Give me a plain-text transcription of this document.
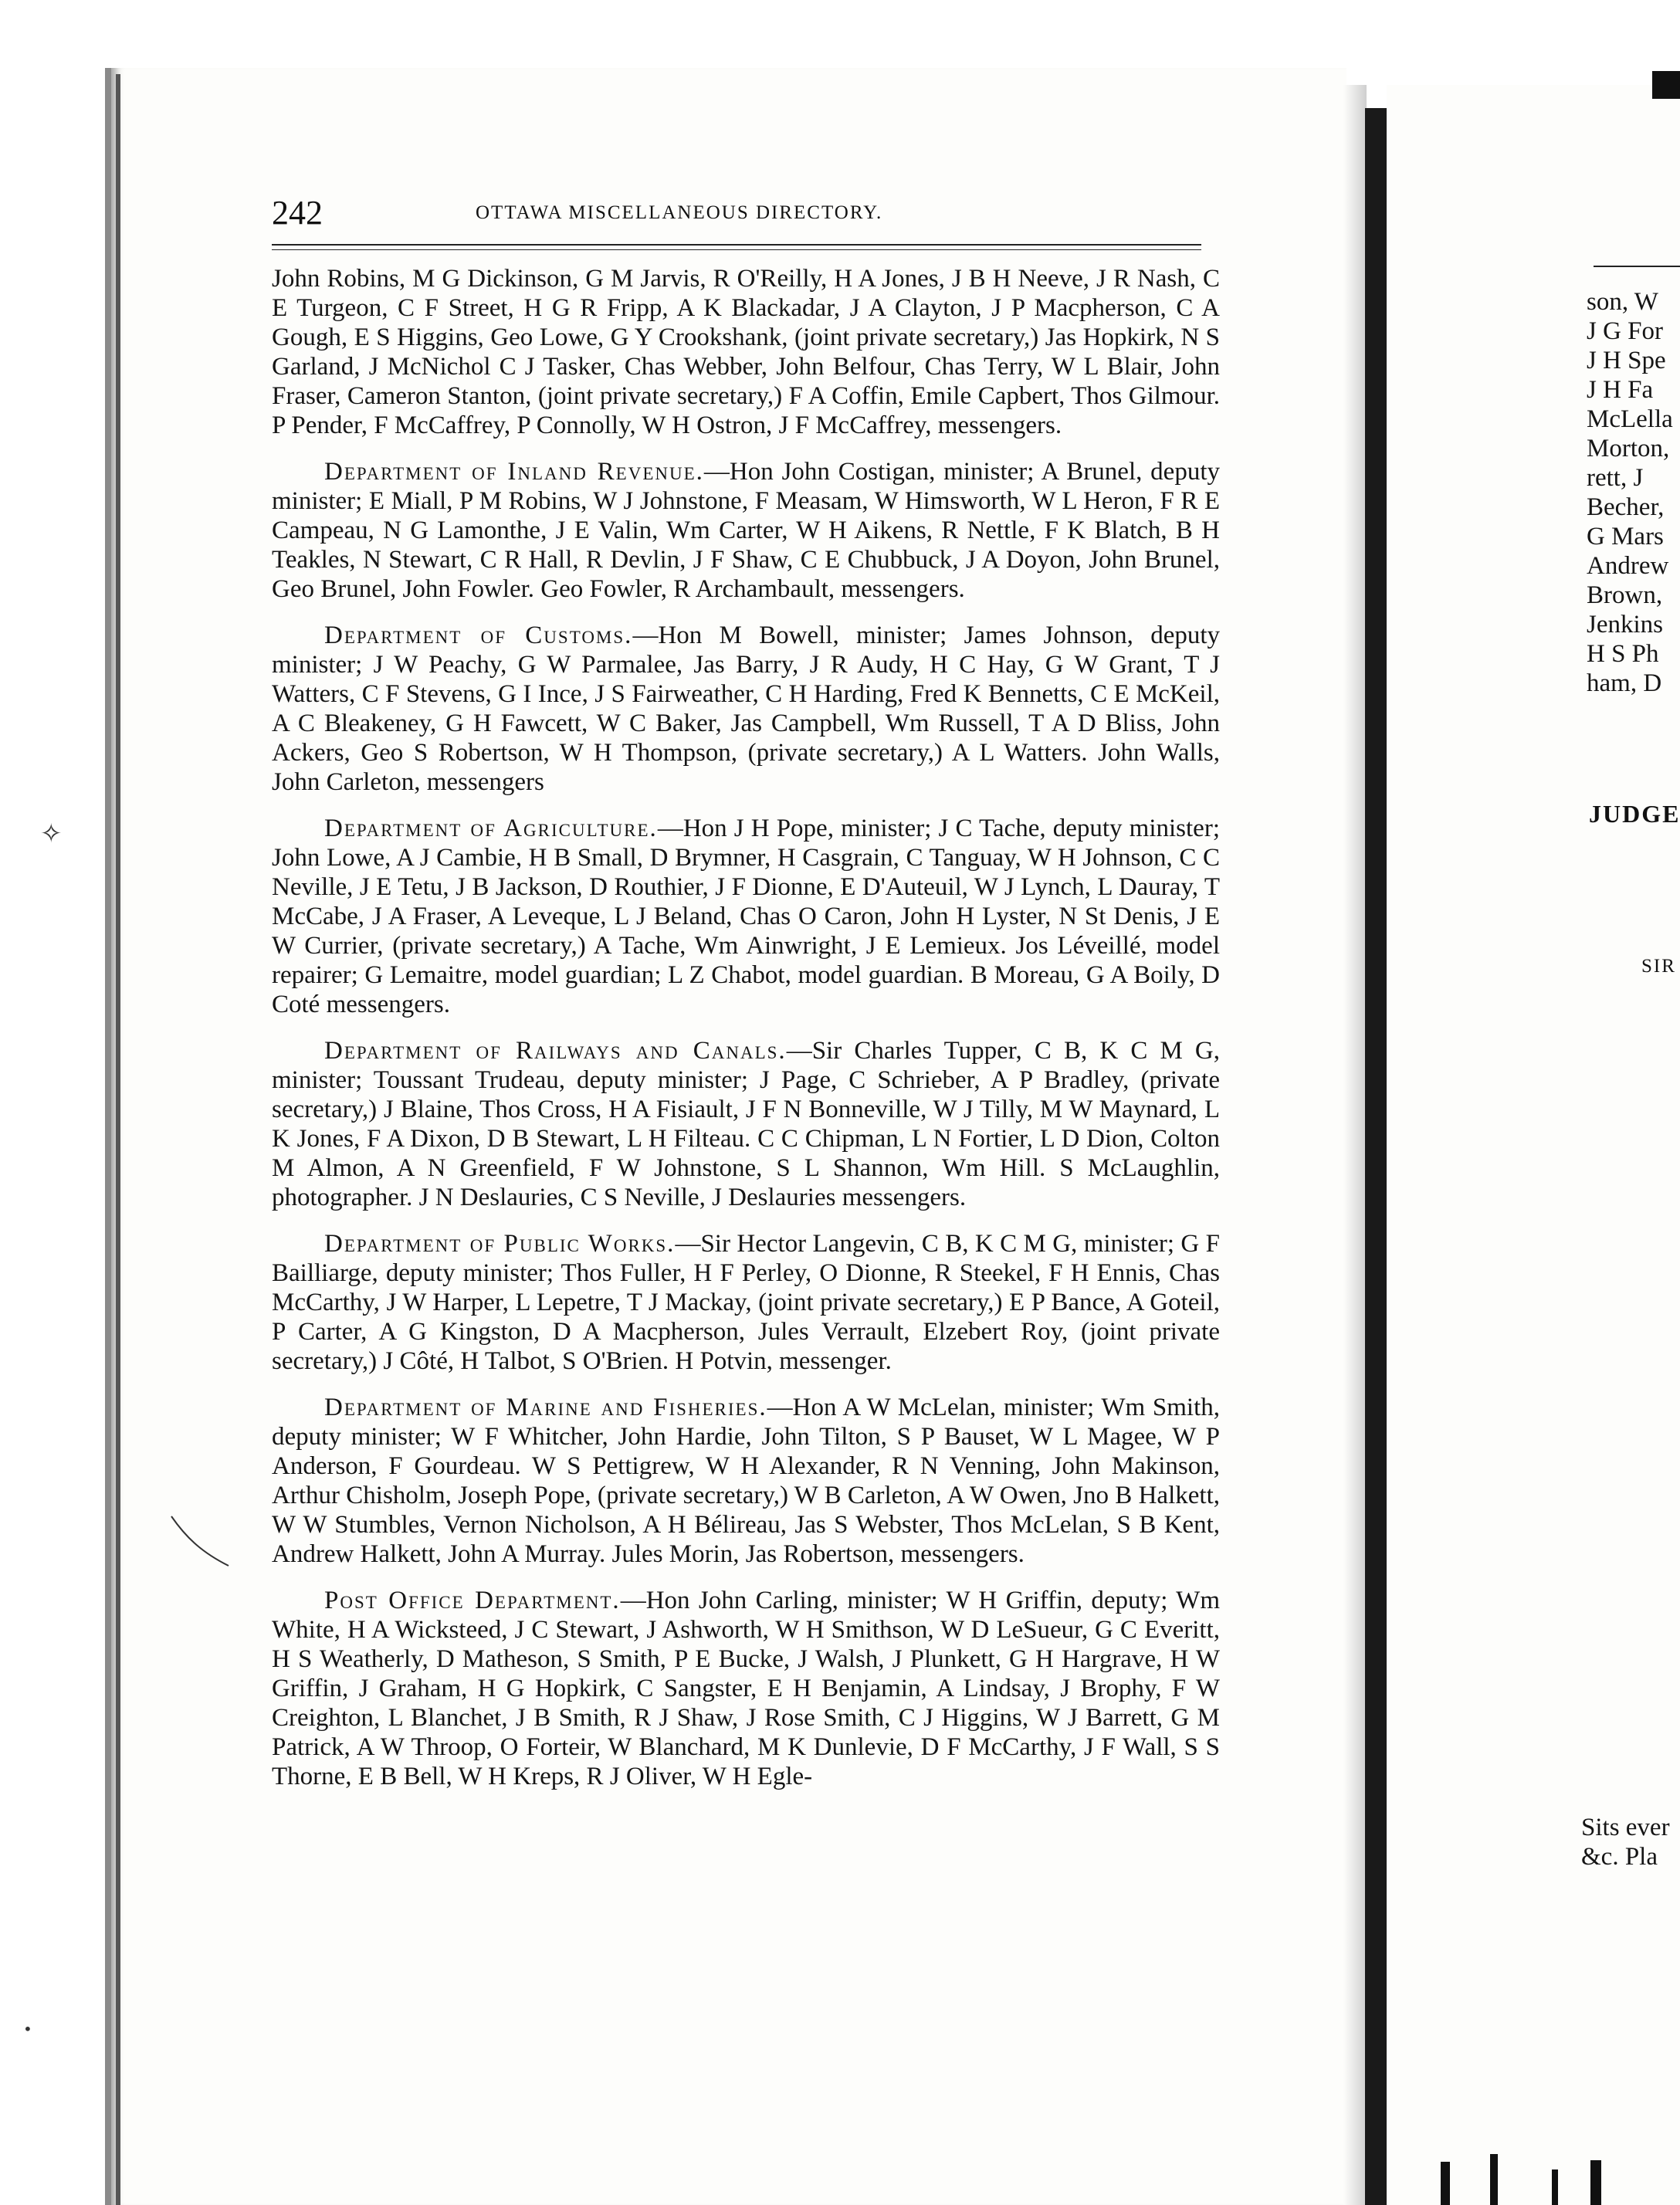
242	OTTAWA MISCELLANEOUS DIRECTORY.
✧
•

John Robins, M G Dickinson, G M Jarvis, R O'Reilly, H A Jones, J B H Neeve, J R Nash, C E Turgeon, C F Street, H G R Fripp, A K Blackadar, J A Clayton, J P Macpherson, C A Gough, E S Higgins, Geo Lowe, G Y Crookshank, (joint private secretary,) Jas Hopkirk, N S Garland, J McNichol C J Tasker, Chas Webber, John Belfour, Chas Terry, W L Blair, John Fraser, Cameron Stanton, (joint private secretary,) F A Coffin, Emile Capbert, Thos Gilmour. P Pender, F McCaffrey, P Connolly, W H Ostron, J F McCaffrey, messengers.

Department of Inland Revenue.—Hon John Costigan, minister; A Brunel, deputy minister; E Miall, P M Robins, W J Johnstone, F Measam, W Himsworth, W L Heron, F R E Campeau, N G Lamonthe, J E Valin, Wm Carter, W H Aikens, R Nettle, F K Blatch, B H Teakles, N Stewart, C R Hall, R Devlin, J F Shaw, C E Chubbuck, J A Doyon, John Brunel, Geo Brunel, John Fowler. Geo Fowler, R Archambault, messengers.

Department of Customs.—Hon M Bowell, minister; James Johnson, deputy minister; J W Peachy, G W Parmalee, Jas Barry, J R Audy, H C Hay, G W Grant, T J Watters, C F Stevens, G I Ince, J S Fairweather, C H Harding, Fred K Bennetts, C E McKeil, A C Bleakeney, G H Fawcett, W C Baker, Jas Campbell, Wm Russell, T A D Bliss, John Ackers, Geo S Robertson, W H Thompson, (private secretary,) A L Watters. John Walls, John Carleton, messengers

Department of Agriculture.—Hon J H Pope, minister; J C Tache, deputy minister; John Lowe, A J Cambie, H B Small, D Brymner, H Casgrain, C Tanguay, W H Johnson, C C Neville, J E Tetu, J B Jackson, D Routhier, J F Dionne, E D'Auteuil, W J Lynch, L Dauray, T McCabe, J A Fraser, A Leveque, L J Beland, Chas O Caron, John H Lyster, N St Denis, J E W Currier, (private secretary,) A Tache, Wm Ainwright, J E Lemieux. Jos Léveillé, model repairer; G Lemaitre, model guardian; L Z Chabot, model guardian. B Moreau, G A Boily, D Coté messengers.

Department of Railways and Canals.—Sir Charles Tupper, C B, K C M G, minister; Toussant Trudeau, deputy minister; J Page, C Schrieber, A P Bradley, (private secretary,) J Blaine, Thos Cross, H A Fisiault, J F N Bonneville, W J Tilly, M W Maynard, L K Jones, F A Dixon, D B Stewart, L H Filteau. C C Chipman, L N Fortier, L D Dion, Colton M Almon, A N Greenfield, F W Johnstone, S L Shannon, Wm Hill. S McLaughlin, photographer. J N Deslauries, C S Neville, J Deslauries messengers.

Department of Public Works.—Sir Hector Langevin, C B, K C M G, minister; G F Bailliarge, deputy minister; Thos Fuller, H F Perley, O Dionne, R Steekel, F H Ennis, Chas McCarthy, J W Harper, L Lepetre, T J Mackay, (joint private secretary,) E P Bance, A Goteil, P Carter, A G Kingston, D A Macpherson, Jules Verrault, Elzebert Roy, (joint private secretary,) J Côté, H Talbot, S O'Brien. H Potvin, messenger.

Department of Marine and Fisheries.—Hon A W McLelan, minister; Wm Smith, deputy minister; W F Whitcher, John Hardie, John Tilton, S P Bauset, W L Magee, W P Anderson, F Gourdeau. W S Pettigrew, W H Alexander, R N Venning, John Makinson, Arthur Chisholm, Joseph Pope, (private secretary,) W B Carleton, A W Owen, Jno B Halkett, W W Stumbles, Vernon Nicholson, A H Bélireau, Jas S Webster, Thos McLelan, S B Kent, Andrew Halkett, John A Murray. Jules Morin, Jas Robertson, messengers.

Post Office Department.—Hon John Carling, minister; W H Griffin, deputy; Wm White, H A Wicksteed, J C Stewart, J Ashworth, W H Smithson, W D LeSueur, G C Everitt, H S Weatherly, D Matheson, S Smith, P E Bucke, J Walsh, J Plunkett, G H Hargrave, H W Griffin, J Graham, H G Hopkirk, C Sangster, E H Benjamin, A Lindsay, J Brophy, F W Creighton, L Blanchet, J B Smith, R J Shaw, J Rose Smith, C J Higgins, W J Barrett, G M Patrick, A W Throop, O Forteir, W Blanchard, M K Dunlevie, D F McCarthy, J F Wall, S S Thorne, E B Bell, W H Kreps, R J Oliver, W H Egle-

son, W
J G For
J H Spe
J H Fa
McLella
Morton,
rett, J
Becher,
G Mars
Andrew
Brown,
Jenkins
H S Ph
ham, D
JUDGE
SIR
Sits ever
&c. Pla
